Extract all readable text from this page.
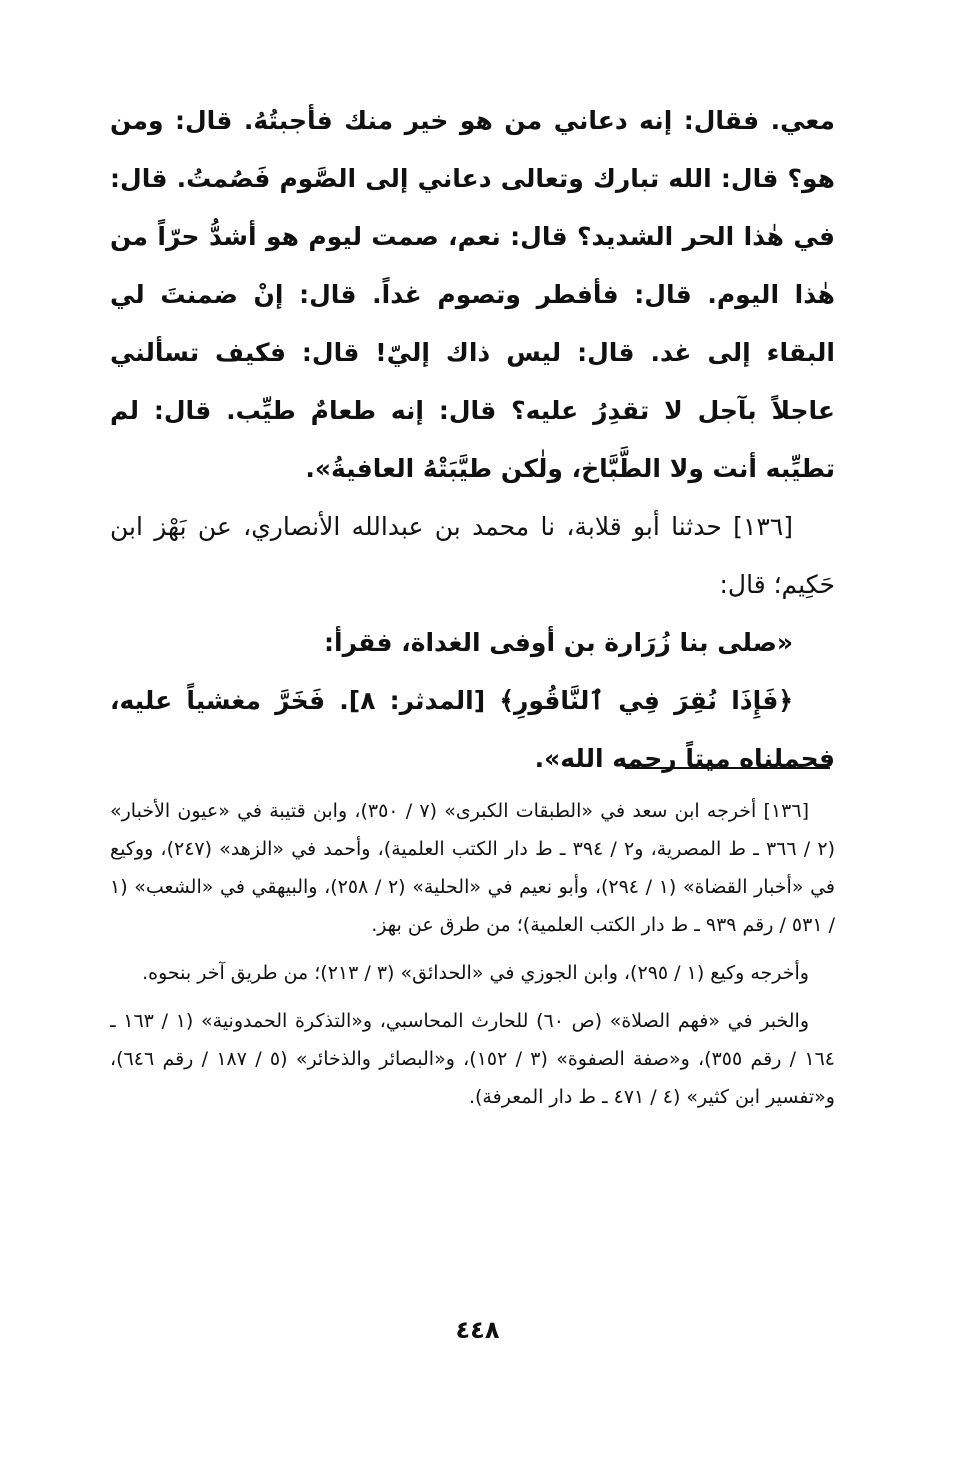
معي. فقال: إنه دعاني من هو خير منك فأجبتُهُ. قال: ومن هو؟ قال: الله تبارك وتعالى دعاني إلى الصَّوم فَصُمتُ. قال: في هٰذا الحر الشديد؟ قال: نعم، صمت ليوم هو أشدُّ حرّاً من هٰذا اليوم. قال: فأفطر وتصوم غداً. قال: إنْ ضمنتَ لي البقاء إلى غد. قال: ليس ذاك إليّ! قال: فكيف تسألني عاجلاً بآجل لا تقدِرُ عليه؟ قال: إنه طعامٌ طيِّب. قال: لم تطيِّبه أنت ولا الطَّبَّاخ، ولٰكن طيَّبَتْهُ العافيةُ».

[١٣٦] حدثنا أبو قلابة، نا محمد بن عبدالله الأنصاري، عن بَهْز ابن حَكِيم؛ قال:

«صلى بنا زُرَارة بن أوفى الغداة، فقرأ:

﴿فَإِذَا نُقِرَ فِي ٱلنَّاقُورِ﴾ [المدثر: ٨]. فَخَرَّ مغشياً عليه، فحملناه ميتاً رحمه الله».

[١٣٦] أخرجه ابن سعد في «الطبقات الكبرى» (٧ / ٣٥٠)، وابن قتيبة في «عيون الأخبار» (٢ / ٣٦٦ ـ ط المصرية، و٢ / ٣٩٤ ـ ط دار الكتب العلمية)، وأحمد في «الزهد» (٢٤٧)، ووكيع في «أخبار القضاة» (١ / ٢٩٤)، وأبو نعيم في «الحلية» (٢ / ٢٥٨)، والبيهقي في «الشعب» (١ / ٥٣١ / رقم ٩٣٩ ـ ط دار الكتب العلمية)؛ من طرق عن بهز.

وأخرجه وكيع (١ / ٢٩٥)، وابن الجوزي في «الحدائق» (٣ / ٢١٣)؛ من طريق آخر بنحوه.

والخبر في «فهم الصلاة» (ص ٦٠) للحارث المحاسبي، و«التذكرة الحمدونية» (١ / ١٦٣ ـ ١٦٤ / رقم ٣٥٥)، و«صفة الصفوة» (٣ / ١٥٢)، و«البصائر والذخائر» (٥ / ١٨٧ / رقم ٦٤٦)، و«تفسير ابن كثير» (٤ / ٤٧١ ـ ط دار المعرفة).

٤٤٨
